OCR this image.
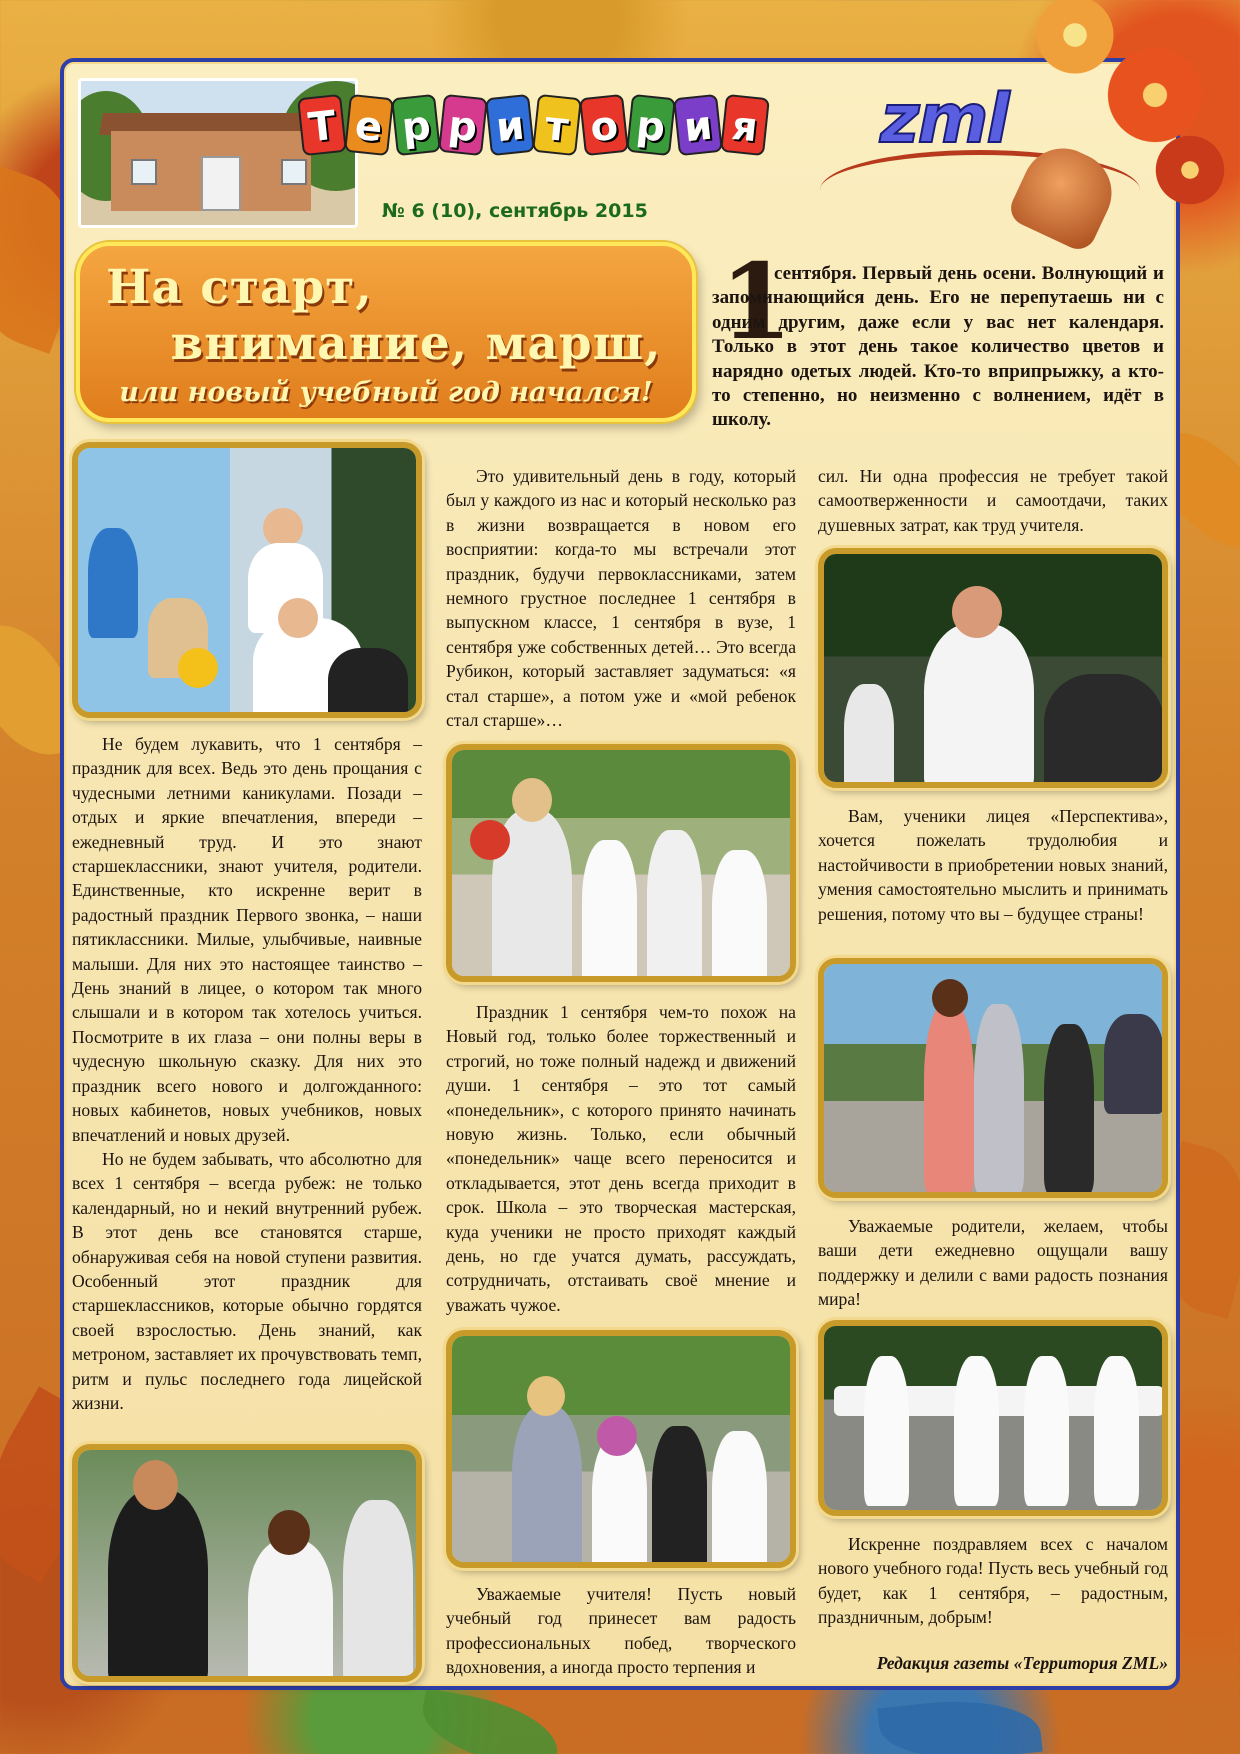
Т е р р и т о р и я	zml
№ 6 (10), сентябрь 2015
На старт,
внимание, марш,
или новый учебный год начался!
1
сентября. Первый день осени. Волнующий и запоминающийся день. Его не перепутаешь ни с одним другим, даже если у вас нет календаря. Только в этот день такое количество цветов и нарядно одетых людей. Кто-то вприпрыжку, а кто-то степенно, но неизменно с волнением, идёт в школу.

Не будем лукавить, что 1 сентября – праздник для всех. Ведь это день прощания с чудесными летними каникулами. Позади – отдых и яркие впечатления, впереди – ежедневный труд. И это знают старшеклассники, знают учителя, родители. Единственные, кто искренне верит в радостный праздник Первого звонка, – наши пятиклассники. Милые, улыбчивые, наивные малыши. Для них это настоящее таинство – День знаний в лицее, о котором так много слышали и в котором так хотелось учиться. Посмотрите в их глаза – они полны веры в чудесную школьную сказку. Для них это праздник всего нового и долгожданного: новых кабинетов, новых учебников, новых впечатлений и новых друзей.

Но не будем забывать, что абсолютно для всех 1 сентября – всегда рубеж: не только календарный, но и некий внутренний рубеж. В этот день все становятся старше, обнаруживая себя на новой ступени развития. Особенный этот праздник для старшеклассников, которые обычно гордятся своей взрослостью. День знаний, как метроном, заставляет их прочувствовать темп, ритм и пульс последнего года лицейской жизни.

Это удивительный день в году, который был у каждого из нас и который несколько раз в жизни возвращается в новом его восприятии: когда-то мы встречали этот праздник, будучи первоклассниками, затем немного грустное последнее 1 сентября в выпускном классе, 1 сентября в вузе, 1 сентября уже собственных детей… Это всегда Рубикон, который заставляет задуматься: «я стал старше», а потом уже и «мой ребенок стал старше»…

Праздник 1 сентября чем-то похож на Новый год, только более торжественный и строгий, но тоже полный надежд и движений души. 1 сентября – это тот самый «понедельник», с которого принято начинать новую жизнь. Только, если обычный «понедельник» чаще всего переносится и откладывается, этот день всегда приходит в срок. Школа – это творческая мастерская, куда ученики не просто приходят каждый день, но где учатся думать, рассуждать, сотрудничать, отстаивать своё мнение и уважать чужое.

Уважаемые учителя! Пусть новый учебный год принесет вам радость профессиональных побед, творческого вдохновения, а иногда просто терпения и

сил. Ни одна профессия не требует такой самоотверженности и самоотдачи, таких душевных затрат, как труд учителя.

Вам, ученики лицея «Перспектива», хочется пожелать трудолюбия и настойчивости в приобретении новых знаний, умения самостоятельно мыслить и принимать решения, потому что вы – будущее страны!

Уважаемые родители, желаем, чтобы ваши дети ежедневно ощущали вашу поддержку и делили с вами радость познания мира!

Искренне поздравляем всех с началом нового учебного года! Пусть весь учебный год будет, как 1 сентября, – радостным, праздничным, добрым!

Редакция газеты «Территория ZML»
